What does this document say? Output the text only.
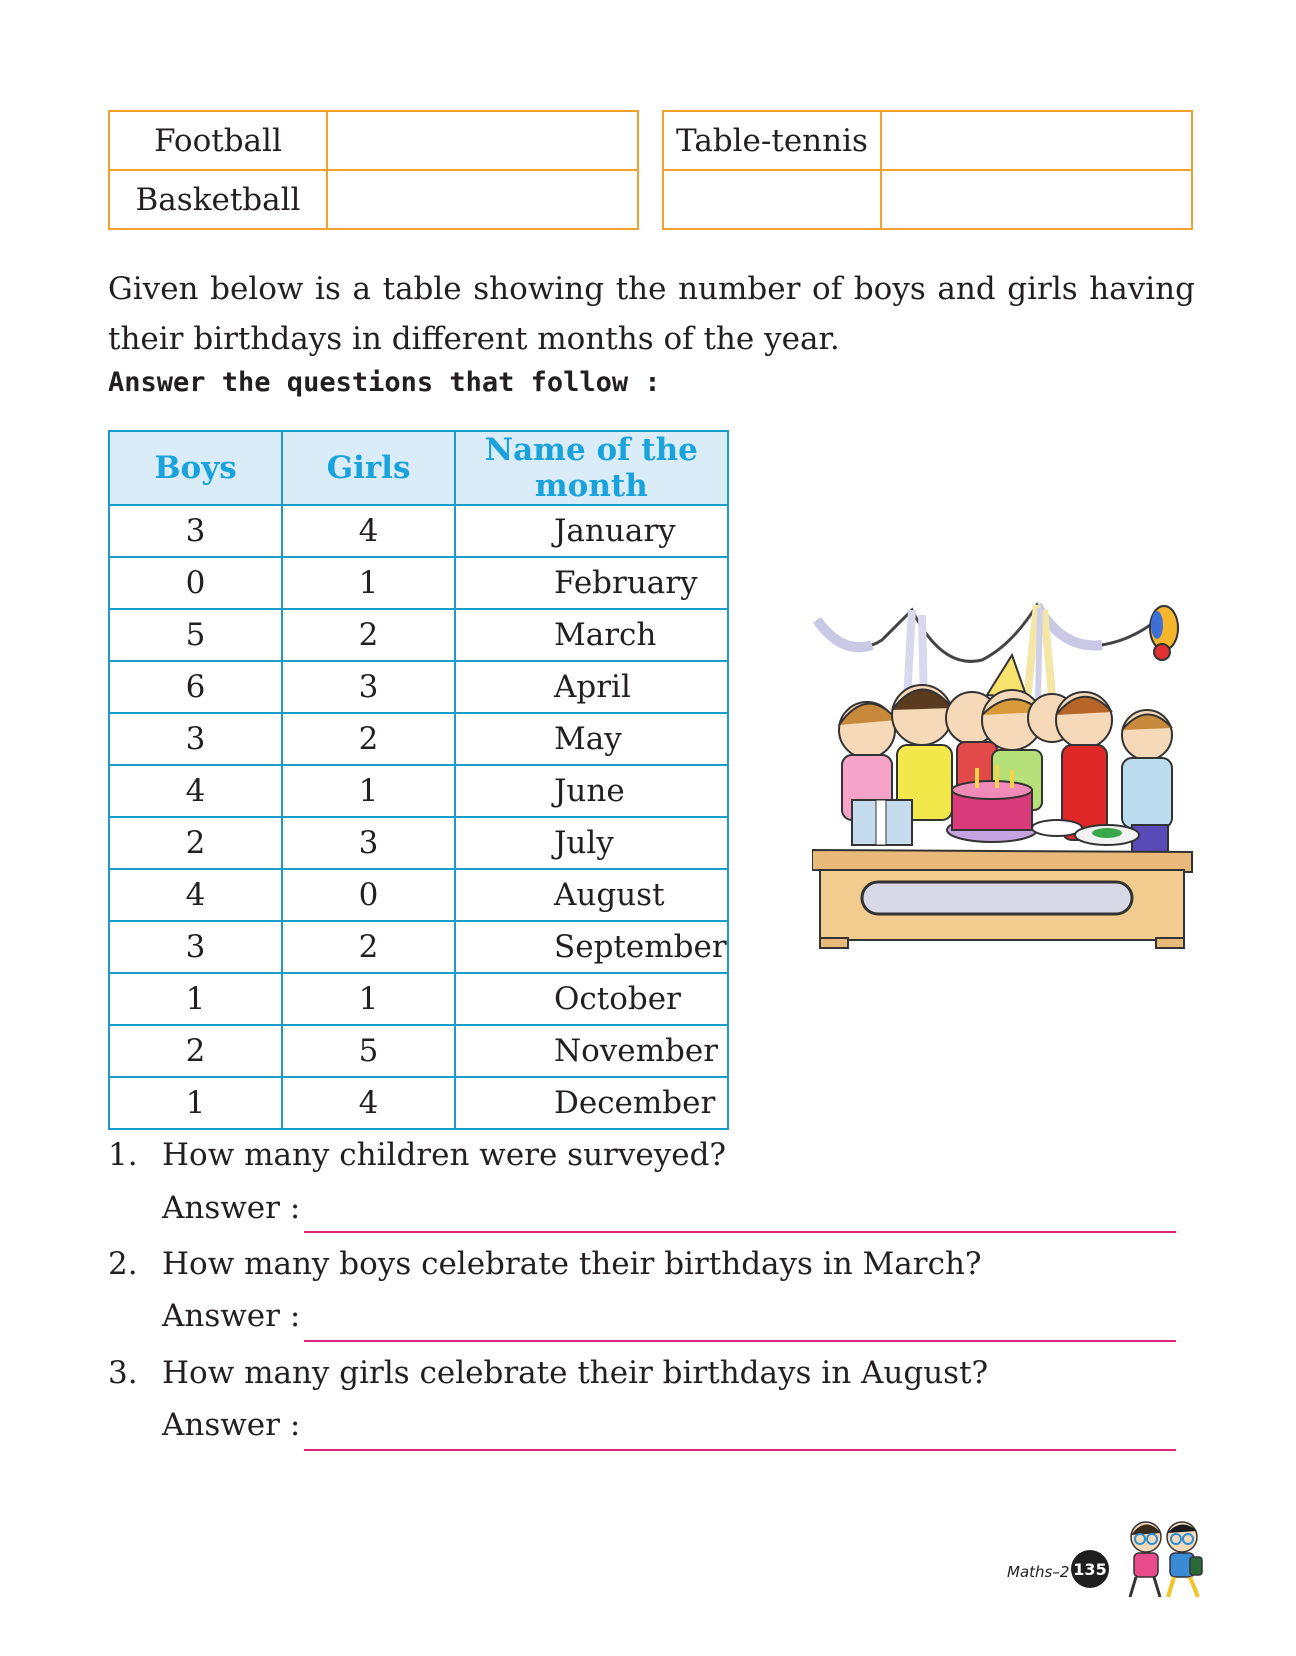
Football	
Basketball	
Table-tennis	

Given below is a table showing the number of boys and girls having
their birthdays in different months of the year.
Answer the questions that follow :
Boys	Girls	Name of the month
3	4	January
0	1	February
5	2	March
6	3	April
3	2	May
4	1	June
2	3	July
4	0	August
3	2	September
1	1	October
2	5	November
1	4	December
1. How many children were surveyed?
Answer :
2. How many boys celebrate their birthdays in March?
Answer :
3. How many girls celebrate their birthdays in August?
Answer :
Maths–2 135
